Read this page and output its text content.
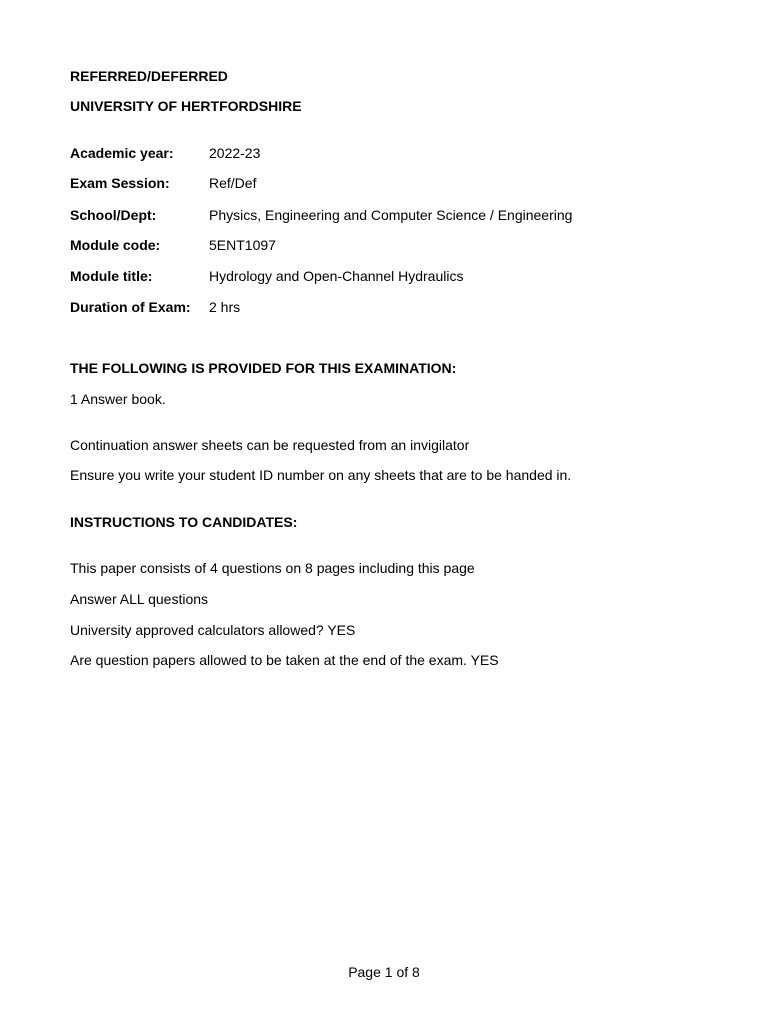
REFERRED/DEFERRED
UNIVERSITY OF HERTFORDSHIRE
Academic year:	2022-23
Exam Session:	Ref/Def
School/Dept:	Physics, Engineering and Computer Science / Engineering
Module code:	5ENT1097
Module title:	Hydrology and Open-Channel Hydraulics
Duration of Exam: 2 hrs
THE FOLLOWING IS PROVIDED FOR THIS EXAMINATION:
1 Answer book.
Continuation answer sheets can be requested from an invigilator
Ensure you write your student ID number on any sheets that are to be handed in.
INSTRUCTIONS TO CANDIDATES:
This paper consists of 4 questions on 8 pages including this page
Answer ALL questions
University approved calculators allowed? YES
Are question papers allowed to be taken at the end of the exam. YES
Page 1 of 8
